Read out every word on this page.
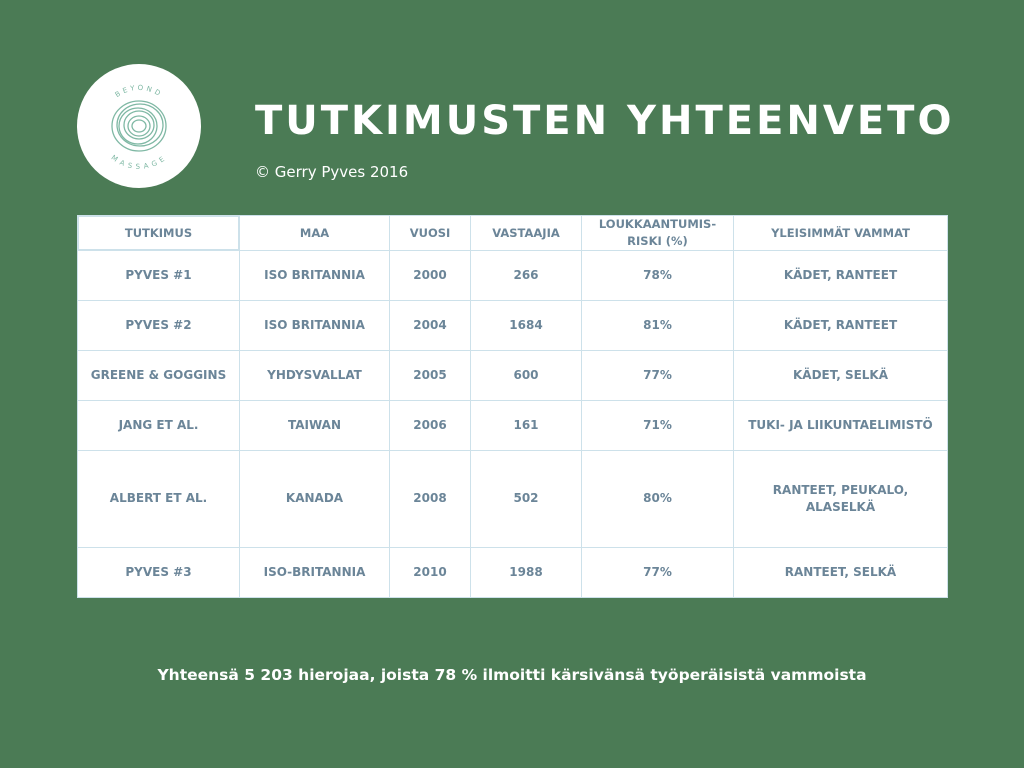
BEYOND
MASSAGE
TUTKIMUSTEN YHTEENVETO
© Gerry Pyves 2016
TUTKIMUS	MAA	VUOSI	VASTAAJIA	LOUKKAANTUMIS- RISKI (%)	YLEISIMMÄT VAMMAT
PYVES #1	ISO BRITANNIA	2000	266	78%	KÄDET, RANTEET
PYVES #2	ISO BRITANNIA	2004	1684	81%	KÄDET, RANTEET
GREENE & GOGGINS	YHDYSVALLAT	2005	600	77%	KÄDET, SELKÄ
JANG ET AL.	TAIWAN	2006	161	71%	TUKI- JA LIIKUNTAELIMISTÖ
ALBERT ET AL.	KANADA	2008	502	80%	RANTEET, PEUKALO, ALASELKÄ
PYVES #3	ISO-BRITANNIA	2010	1988	77%	RANTEET, SELKÄ
Yhteensä 5 203 hierojaa, joista 78 % ilmoitti kärsivänsä työperäisistä vammoista
